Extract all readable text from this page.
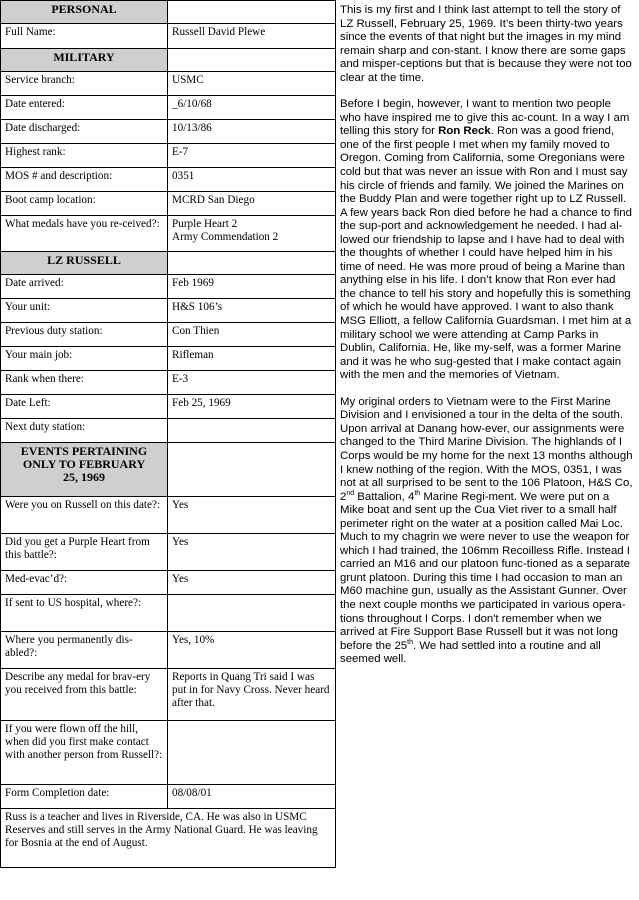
PERSONAL	
Full Name:	Russell David Plewe
MILITARY	
Service branch:	USMC
Date entered:	_6/10/68
Date discharged:	10/13/86
Highest rank:	E-7
MOS # and description:	0351
Boot camp location:	MCRD San Diego
What medals have you re-ceived?:	Purple Heart 2
Army Commendation 2

LZ RUSSELL	
Date arrived:	Feb 1969
Your unit:	H&S 106’s
Previous duty station:	Con Thien
Your main job:	Rifleman
Rank when there:	E-3
Date Left:	Feb 25, 1969
Next duty station:	

EVENTS PERTAINING
ONLY TO FEBRUARY
25, 1969	

Were you on Russell on this date?:	Yes
Did you get a Purple Heart from this battle?:	Yes
Med-evac’d?:	Yes
If sent to US hospital, where?:	
Where you permanently dis-abled?:	Yes, 10%
Describe any medal for brav-ery you received from this battle:	Reports in Quang Tri said I was put in for Navy Cross. Never heard after that.
If you were flown off the hill, when did you first make contact with another person from Russell?:	
Form Completion date:	08/08/01
Russ is a teacher and lives in Riverside, CA. He was also in USMC Reserves and still serves in the Army National Guard. He was leaving for Bosnia at the end of August.	

This is my first and I think last attempt to tell the story of LZ Russell, February 25, 1969. It’s been thirty-two years since the events of that night but the images in my mind remain sharp and con-stant. I know there are some gaps and misper-ceptions but that is because they were not too clear at the time.

Before I begin, however, I want to mention two people who have inspired me to give this ac-count. In a way I am telling this story for Ron Reck. Ron was a good friend, one of the first people I met when my family moved to Oregon. Coming from California, some Oregonians were cold but that was never an issue with Ron and I must say his circle of friends and family. We joined the Marines on the Buddy Plan and were together right up to LZ Russell. A few years back Ron died before he had a chance to find the sup-port and acknowledgement he needed. I had al-lowed our friendship to lapse and I have had to deal with the thoughts of whether I could have helped him in his time of need. He was more proud of being a Marine than anything else in his life. I don’t know that Ron ever had the chance to tell his story and hopefully this is something of which he would have approved. I want to also thank MSG Elliott, a fellow California Guardsman. I met him at a military school we were attending at Camp Parks in Dublin, California. He, like my-self, was a former Marine and it was he who sug-gested that I make contact again with the men and the memories of Vietnam.

My original orders to Vietnam were to the First Marine Division and I envisioned a tour in the delta of the south. Upon arrival at Danang how-ever, our assignments were changed to the Third Marine Division. The highlands of I Corps would be my home for the next 13 months although I knew nothing of the region. With the MOS, 0351, I was not at all surprised to be sent to the 106 Platoon, H&S Co, 2nd Battalion, 4th Marine Regi-ment. We were put on a Mike boat and sent up the Cua Viet river to a small half perimeter right on the water at a position called Mai Loc. Much to my chagrin we were never to use the weapon for which I had trained, the 106mm Recoilless Rifle. Instead I carried an M16 and our platoon func-tioned as a separate grunt platoon. During this time I had occasion to man an M60 machine gun, usually as the Assistant Gunner. Over the next couple months we participated in various opera-tions throughout I Corps. I don't remember when we arrived at Fire Support Base Russell but it was not long before the 25th. We had settled into a routine and all seemed well.
